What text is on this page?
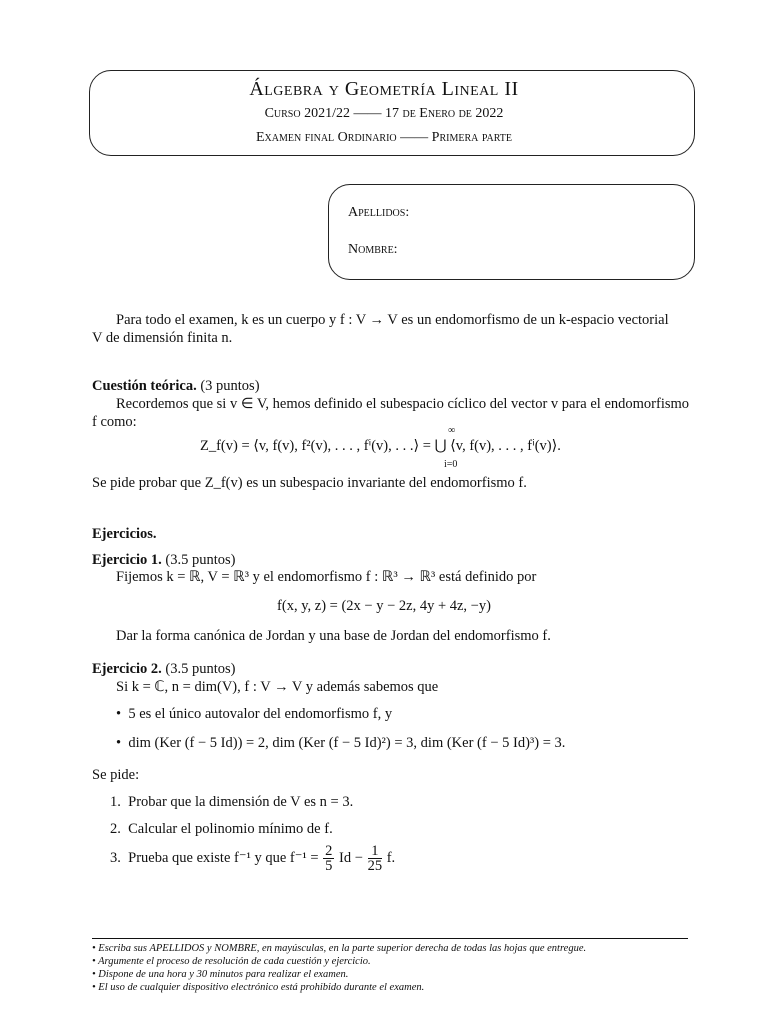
Álgebra y Geometría Lineal II
Curso 2021/22 —— 17 de Enero de 2022
Examen final Ordinario —— Primera parte
Apellidos:
Nombre:
Para todo el examen, k es un cuerpo y f : V → V es un endomorfismo de un k-espacio vectorial
V de dimensión finita n.
Cuestión teórica. (3 puntos)
Recordemos que si v ∈ V, hemos definido el subespacio cíclico del vector v para el endomorfismo
f como:
Z_f(v) = ⟨v, f(v), f²(v), . . . , fⁱ(v), . . .⟩ = ⋃ ⟨v, f(v), . . . , fⁱ(v)⟩.
∞
i=0
Se pide probar que Z_f(v) es un subespacio invariante del endomorfismo f.
Ejercicios.
Ejercicio 1. (3.5 puntos)
Fijemos k = ℝ, V = ℝ³ y el endomorfismo f : ℝ³ → ℝ³ está definido por
f(x, y, z) = (2x − y − 2z, 4y + 4z, −y)
Dar la forma canónica de Jordan y una base de Jordan del endomorfismo f.
Ejercicio 2. (3.5 puntos)
Si k = ℂ, n = dim(V), f : V → V y además sabemos que
•  5 es el único autovalor del endomorfismo f, y
•  dim (Ker (f − 5 Id)) = 2, dim (Ker (f − 5 Id)²) = 3, dim (Ker (f − 5 Id)³) = 3.
Se pide:
1. Probar que la dimensión de V es n = 3.
2. Calcular el polinomio mínimo de f.
3. Prueba que existe f⁻¹ y que $f^{-1} = \frac{2}{5}$ $Id - \frac{1}{25} f$.
• Escriba sus APELLIDOS y NOMBRE, en mayúsculas, en la parte superior derecha de todas las hojas que entregue.
• Argumente el proceso de resolución de cada cuestión y ejercicio.
• Dispone de una hora y 30 minutos para realizar el examen.
• El uso de cualquier dispositivo electrónico está prohibido durante el examen.
